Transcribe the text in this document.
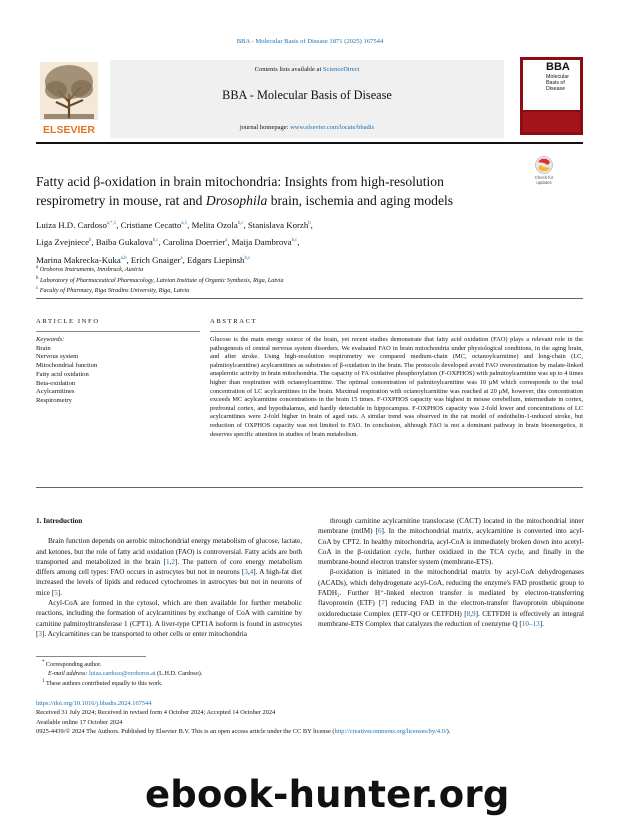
BBA - Molecular Basis of Disease 1871 (2025) 167544
Contents lists available at ScienceDirect
BBA - Molecular Basis of Disease
journal homepage: www.elsevier.com/locate/bbadis
ELSEVIER
BBA
Molecular Basis of Disease
Fatty acid β-oxidation in brain mitochondria: Insights from high-resolution respirometry in mouse, rat and Drosophila brain, ischemia and aging models
Check for
updates
Luiza H.D. Cardoso$^{a,*,1}$, Cristiane Cecatto$^{a,1}$, Melita Ozola$^{b,c}$, Stanislava Korzh$^b$,
Liga Zvejniece$^b$, Baiba Gukalova$^{b,c}$, Carolina Doerrier$^a$, Maija Dambrova$^{b,c}$,
Marina Makrecka-Kuka$^{a,b}$, Erich Gnaiger$^a$, Edgars Liepinsh$^{b,c}$
$^a$ Oroboros Instruments, Innsbruck, Austria
$^b$ Laboratory of Pharmaceutical Pharmacology, Latvian Institute of Organic Synthesis, Riga, Latvia
$^c$ Faculty of Pharmacy, Riga Stradins University, Riga, Latvia
ARTICLE INFO
Keywords:
Brain
Nervous system
Mitochondrial function
Fatty acid oxidation
Beta-oxidation
Acylcarnitines
Respirometry
ABSTRACT
Glucose is the main energy source of the brain, yet recent studies demonstrate that fatty acid oxidation (FAO) plays a relevant role in the pathogenesis of central nervous system disorders. We evaluated FAO in brain mitochondria under physiological conditions, in the aging brain, and after stroke. Using high-resolution respirometry we compared medium-chain (MC, octanoylcarnitine) and long-chain (LC, palmitoylcarnitine) acylcarnitines as substrates of β-oxidation in the brain. The protocols developed avoid FAO overestimation by malate-linked anaplerotic activity in brain mitochondria. The capacity of FA oxidative phosphorylation (F-OXPHOS) with palmitoylcarnitine was up to 4 times higher than respiration with octanoylcarnitine. The optimal concentration of palmitoylcarnitine was 10 μM which corresponds to the total concentration of LC acylcarnitines in the brain. Maximal respiration with octanoylcarnitine was reached at 20 μM, however, this concentration exceeds MC acylcarnitine concentrations in the brain 15 times. F-OXPHOS capacity was highest in mouse cerebellum, intermediate in cortex, prefrontal cortex, and hypothalamus, and hardly detectable in hippocampus. F-OXPHOS capacity was 2-fold lower and concentrations of LC acylcarnitines were 2-fold higher in brain of aged rats. A similar trend was observed in the rat model of endothelin-1-induced stroke, but reduction of OXPHOS capacity was not limited to FAO. In conclusion, although FAO is not a dominant pathway in brain bioenergetics, it deserves specific attention in studies of brain metabolism.
1. Introduction

Brain function depends on aerobic mitochondrial energy metabolism of glucose, lactate, and ketones, but the role of fatty acid oxidation (FAO) is controversial. Fatty acids are both transported and metabolized in the brain [1,2]. The pattern of core energy metabolism differs among cell types: FAO occurs in astrocytes but not in neurons [3,4]. A high-fat diet increased the levels of lipids and reduced cytochromes in astrocytes but not in neurons of mice [5].

Acyl-CoA are formed in the cytosol, which are then available for further metabolic reactions, including the formation of acylcarnitines by exchange of CoA with carnitine by carnitine palmitoyltransferase 1 (CPT1). A liver-type CPT1A isoform is found in astrocytes [3]. Acylcarnitines can be transported to other cells or enter mitochondria

through carnitine acylcarnitine translocase (CACT) located in the mitochondrial inner membrane (mtIM) [6]. In the mitochondrial matrix, acylcarnitine is converted into acyl-CoA by CPT2. In healthy mitochondria, acyl-CoA is immediately broken down into acetyl-CoA in the β-oxidation cycle, further oxidized in the TCA cycle, and finally in the membrane-bound electron transfer system (membrane-ETS).

β-oxidation is initiated in the mitochondrial matrix by acyl-CoA dehydrogenases (ACADs), which dehydrogenate acyl-CoA, reducing the enzyme's FAD prosthetic group to FADH₂. Further H⁺-linked electron transfer is mediated by electron-transferring flavoprotein (ETF) [7] reducing FAD in the electron-transfer flavoprotein ubiquinone oxidoreductase Complex (ETF-QO or CETFDH) [8,9]. CETFDH is effectively an integral membrane-ETS Complex that catalyzes the reduction of coenzyme Q [10–13].

* Corresponding author.
E-mail address: luiza.cardoso@oroboros.at (L.H.D. Cardoso).
$^1$ These authors contributed equally to this work.
https://doi.org/10.1016/j.bbadis.2024.167544
Received 31 July 2024; Received in revised form 4 October 2024; Accepted 14 October 2024
Available online 17 October 2024
0925-4439/© 2024 The Authors. Published by Elsevier B.V. This is an open access article under the CC BY license (http://creativecommons.org/licenses/by/4.0/).
ebook-hunter.org
